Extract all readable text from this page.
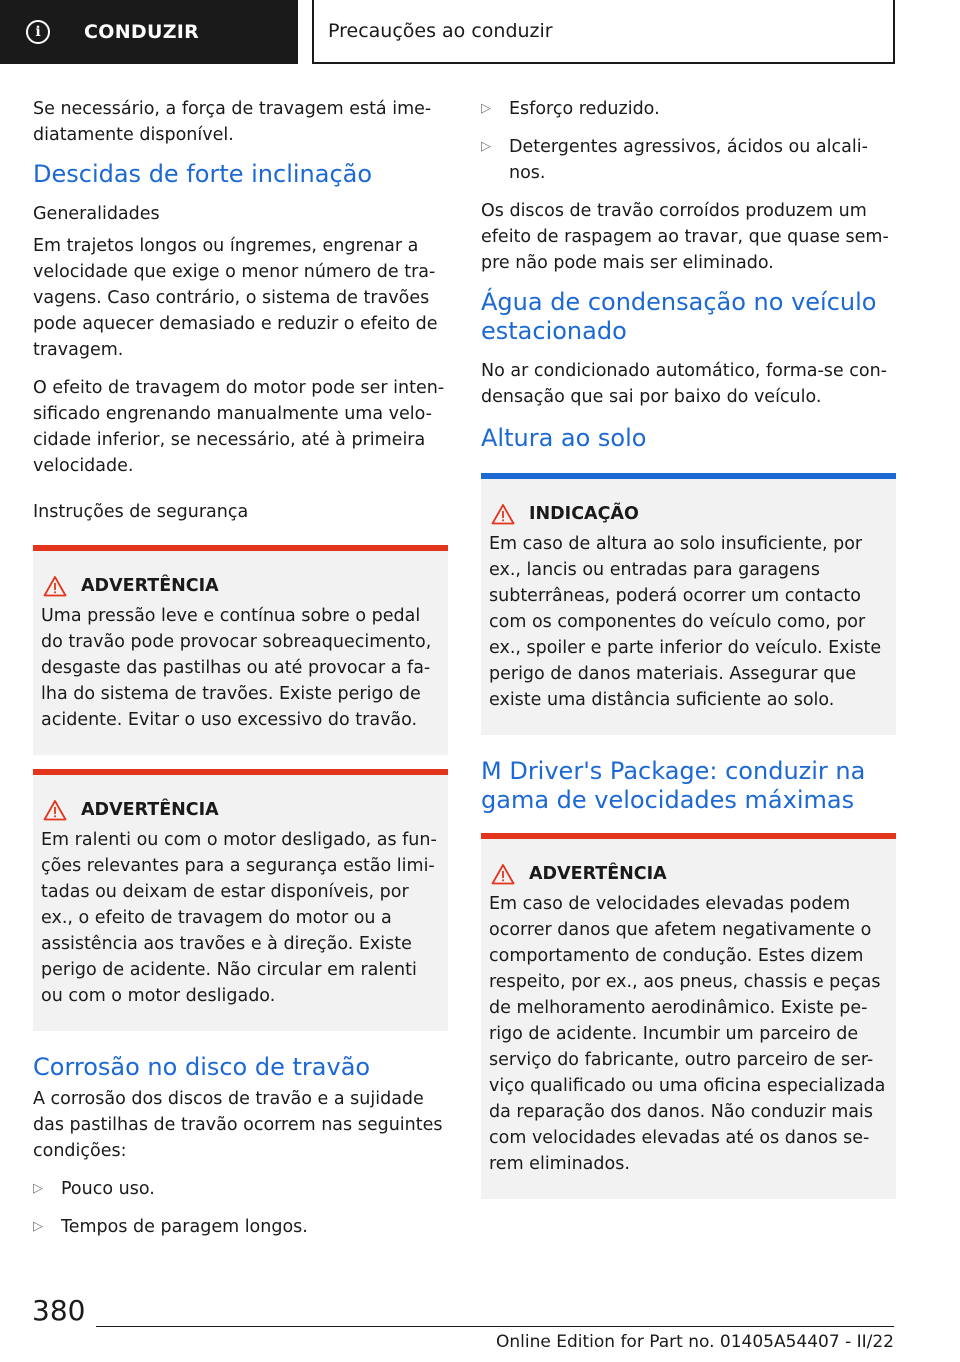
i	CONDUZIR	Precauções ao conduzir

Se necessário, a força de travagem está ime-diatamente disponível.

Descidas de forte inclinação
Generalidades

Em trajetos longos ou íngremes, engrenar a velocidade que exige o menor número de tra-vagens. Caso contrário, o sistema de travões pode aquecer demasiado e reduzir o efeito de travagem.

O efeito de travagem do motor pode ser inten-sificado engrenando manualmente uma velo-cidade inferior, se necessário, até à primeira velocidade.

Instruções de segurança
ADVERTÊNCIA

Uma pressão leve e contínua sobre o pedal do travão pode provocar sobreaquecimento, desgaste das pastilhas ou até provocar a fa-lha do sistema de travões. Existe perigo de acidente. Evitar o uso excessivo do travão.

ADVERTÊNCIA

Em ralenti ou com o motor desligado, as fun-ções relevantes para a segurança estão limi-tadas ou deixam de estar disponíveis, por ex., o efeito de travagem do motor ou a assistência aos travões e à direção. Existe perigo de acidente. Não circular em ralenti ou com o motor desligado.

Corrosão no disco de travão

A corrosão dos discos de travão e a sujidade das pastilhas de travão ocorrem nas seguintes condições:

▷	Pouco uso.
▷	Tempos de paragem longos.
▷	Esforço reduzido.
▷	Detergentes agressivos, ácidos ou alcali-nos.

Os discos de travão corroídos produzem um efeito de raspagem ao travar, que quase sem-pre não pode mais ser eliminado.

Água de condensação no veículo estacionado

No ar condicionado automático, forma-se con-densação que sai por baixo do veículo.

Altura ao solo
INDICAÇÃO

Em caso de altura ao solo insuficiente, por ex., lancis ou entradas para garagens subterrâneas, poderá ocorrer um contacto com os componentes do veículo como, por ex., spoiler e parte inferior do veículo. Existe perigo de danos materiais. Assegurar que existe uma distância suficiente ao solo.

M Driver's Package: conduzir na gama de velocidades máximas
ADVERTÊNCIA

Em caso de velocidades elevadas podem ocorrer danos que afetem negativamente o comportamento de condução. Estes dizem respeito, por ex., aos pneus, chassis e peças de melhoramento aerodinâmico. Existe pe-rigo de acidente. Incumbir um parceiro de serviço do fabricante, outro parceiro de ser-viço qualificado ou uma oficina especializada da reparação dos danos. Não conduzir mais com velocidades elevadas até os danos se-rem eliminados.

380
Online Edition for Part no. 01405A54407 - II/22
